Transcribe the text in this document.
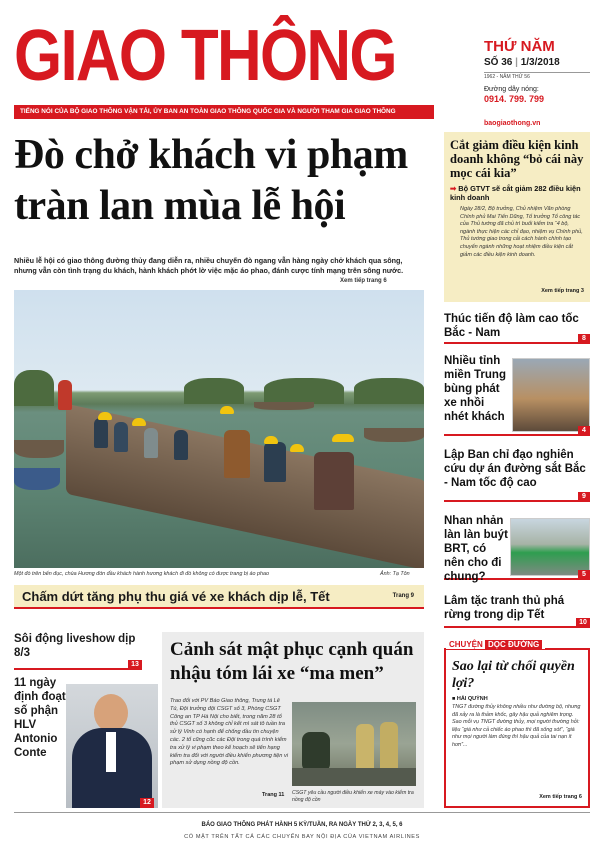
GIAO THÔNG
TIẾNG NÓI CỦA BỘ GIAO THÔNG VẬN TẢI, ỦY BAN AN TOÀN GIAO THÔNG QUỐC GIA VÀ NGƯỜI THAM GIA GIAO THÔNG
THỨ NĂM
SỐ 36 | 1/3/2018
1962 - NĂM THỨ 56
Đường dây nóng:
0914. 799. 799
baogiaothong.vn
Đò chở khách vi phạm tràn lan mùa lễ hội
Nhiều lễ hội có giao thông đường thủy đang diễn ra, nhiều chuyến đò ngang vẫn hàng ngày chở khách qua sông, nhưng vẫn còn tình trạng du khách, hành khách phớt lờ việc mặc áo phao, đánh cược tính mạng trên sông nước.
Xem tiếp trang 6
Một đò trên bến đục, chùa Hương đón đầu khách hành hương khách đi đò không có được trang bị áo phao	Ảnh: Tạ Tôn
Chấm dứt tăng phụ thu giá vé xe khách dịp lễ, Tết	Trang 9
Cắt giảm điều kiện kinh doanh không “bỏ cái này mọc cái kia”
➡ Bộ GTVT sẽ cắt giảm 282 điều kiện kinh doanh
Ngày 28/2, Bộ trưởng, Chủ nhiệm Văn phòng Chính phủ Mai Tiến Dũng, Tổ trưởng Tổ công tác của Thủ tướng đã chủ trì buổi kiểm tra “4 bộ, ngành thực hiện các chỉ đạo, nhiệm vụ Chính phủ, Thủ tướng giao trong cải cách hành chính tạo chuyển ngành những hoạt nhiệm điều kiện cắt giảm các điều kiện kinh doanh.
Xem tiếp trang 3
Thúc tiến độ làm cao tốc Bắc - Nam	8
Nhiều tỉnh miền Trung bùng phát xe nhồi nhét khách
4
Lập Ban chỉ đạo nghiên cứu dự án đường sắt Bắc - Nam tốc độ cao
9
Nhan nhản làn làn buýt BRT, có nên cho đi chung?	5
Lâm tặc tranh thủ phá rừng trong dịp Tết
10
Sôi động liveshow dịp 8/3
13
11 ngày định đoạt số phận HLV Antonio Conte
12
Cảnh sát mật phục cạnh quán nhậu tóm lái xe “ma men”
Trao đổi với PV Báo Giao thông, Trung tá Lê Tú, Đội trưởng đội CSGT số 3, Phòng CSGT Công an TP Hà Nội cho biết, trong năm 28 tổ thủ CSGT số 3 không chỉ kết mì sát tô tuần tra sử lý Vinh có hạnh để chống đầu tin chuyện các. 2 tổ cũng cũc các Đội trong quá trình kiểm tra xử lý vi phạm theo kế hoạch sẽ tiến hạng kiểm tra đối với người điều khiển phương tiện vi phạm sử dụng nồng độ cồn.
Trang 11 CSGT yêu cầu người điều khiển xe máy vào kiểm tra nồng độ cồn
CHUYỆN DỌC ĐƯỜNG
Sao lại từ chối quyền lợi?
■ HẢI QUỲNH
TNGT đường thủy không nhiều như đường bộ, nhưng đã xảy ra là thảm khốc, gây hậu quả nghiêm trọng. Sao mỗi vụ TNGT đường thủy, mọi người thường hỏi: liệu “giá như cả chiếc áo phao thì đã sống sót”, “giá như mọi người làm đúng thì hậu quả của tai nạn ít hơn”...
Xem tiếp trang 6
BÁO GIAO THÔNG PHÁT HÀNH 5 KỲ/TUẦN, RA NGÀY THỨ 2, 3, 4, 5, 6
CÓ MẶT TRÊN TẤT CẢ CÁC CHUYẾN BAY NỘI ĐỊA CỦA VIETNAM AIRLINES
